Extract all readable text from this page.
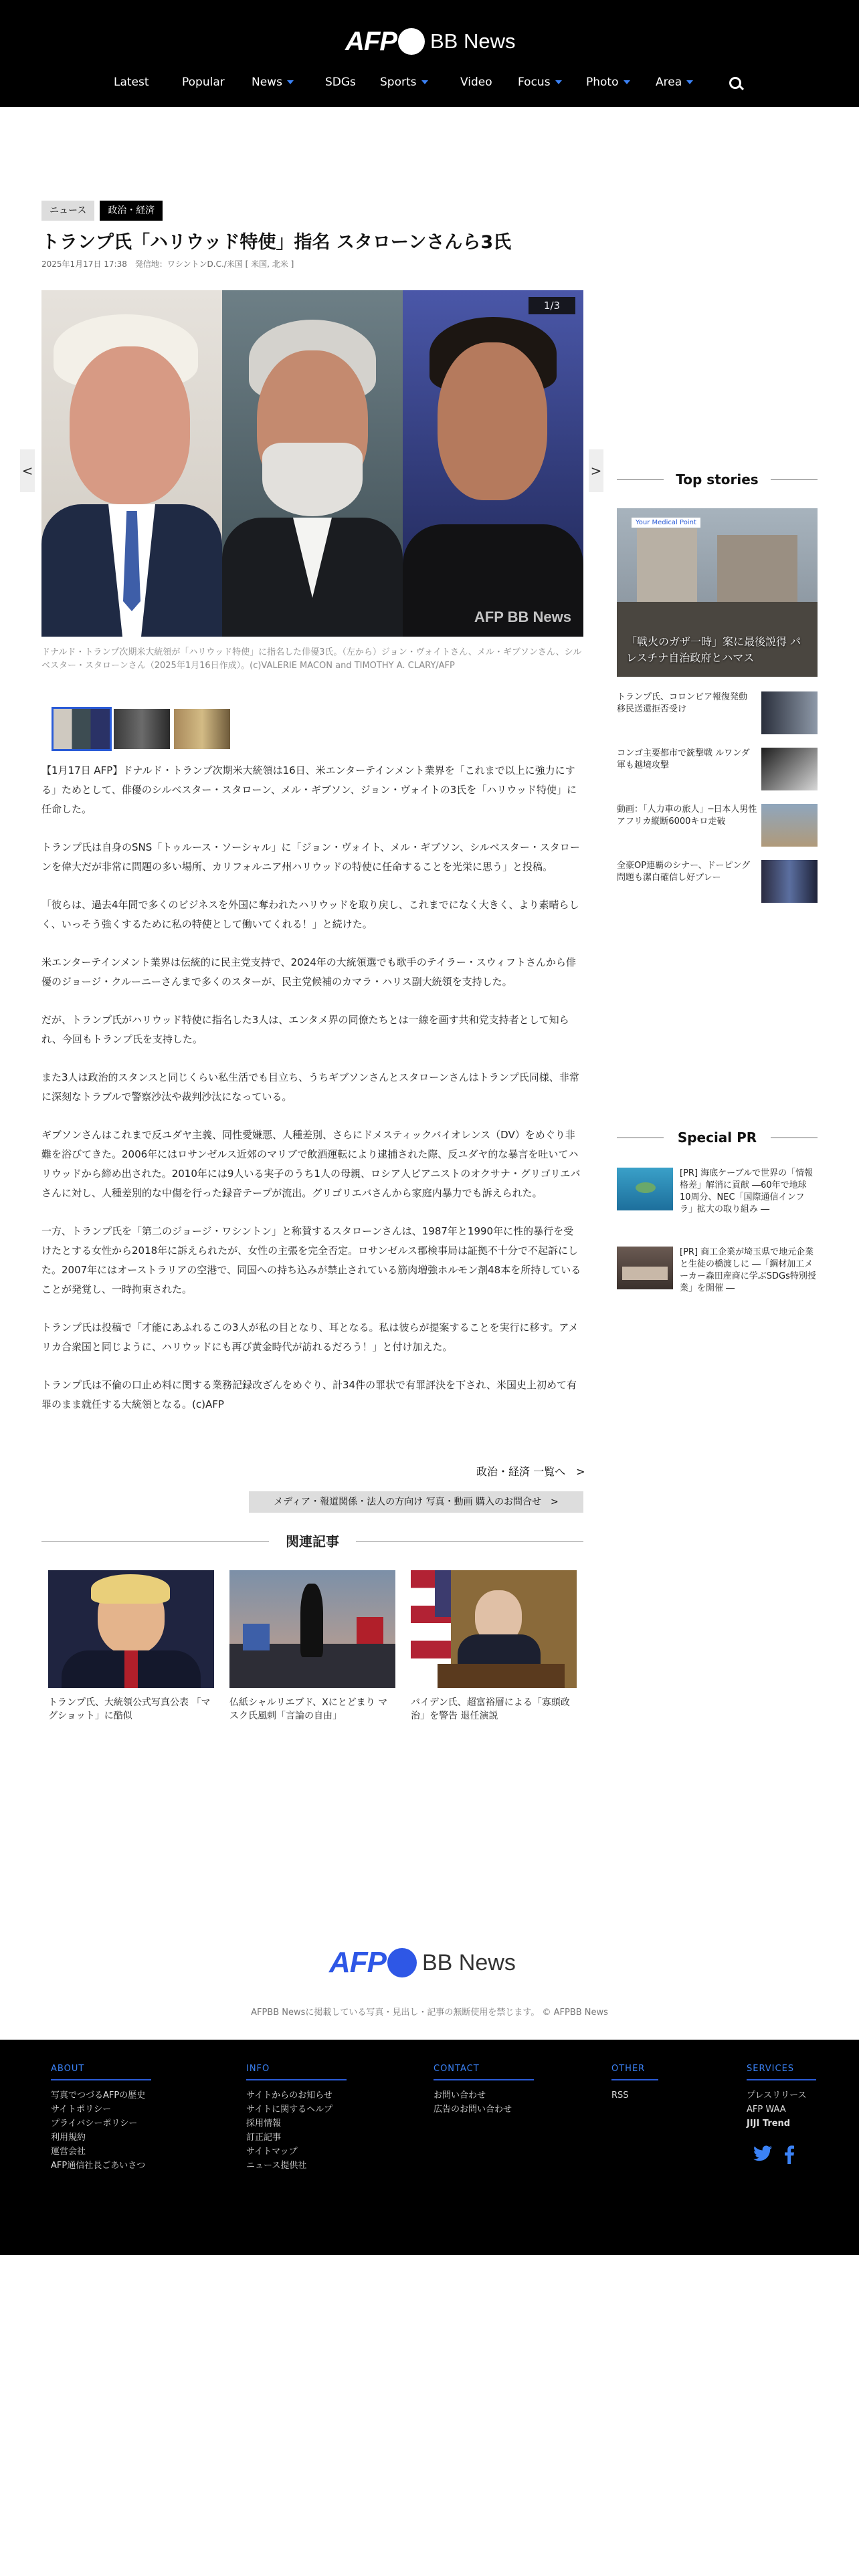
AFP BB News
Latest	Popular News	SDGs Sports	Video Focus	Photo	Area
ニュース	政治・経済
トランプ氏「ハリウッド特使」指名 スタローンさんら3氏
2025年1月17日 17:38　発信地：ワシントンD.C./米国 [ 米国, 北米 ]
<	>
1/3
AFP BB News
ドナルド・トランプ次期米大統領が「ハリウッド特使」に指名した俳優3氏。（左から）ジョン・ヴォイトさん、メル・ギブソンさん、シルベスター・スタローンさん（2025年1月16日作成）。(c)VALERIE MACON and TIMOTHY A. CLARY/AFP

【1月17日 AFP】ドナルド・トランプ次期米大統領は16日、米エンターテインメント業界を「これまで以上に強力にする」ためとして、俳優のシルベスター・スタローン、メル・ギブソン、ジョン・ヴォイトの3氏を「ハリウッド特使」に任命した。

トランプ氏は自身のSNS「トゥルース・ソーシャル」に「ジョン・ヴォイト、メル・ギブソン、シルベスター・スタローンを偉大だが非常に問題の多い場所、カリフォルニア州ハリウッドの特使に任命することを光栄に思う」と投稿。

「彼らは、過去4年間で多くのビジネスを外国に奪われたハリウッドを取り戻し、これまでになく大きく、より素晴らしく、いっそう強くするために私の特使として働いてくれる！」と続けた。

米エンターテインメント業界は伝統的に民主党支持で、2024年の大統領選でも歌手のテイラー・スウィフトさんから俳優のジョージ・クルーニーさんまで多くのスターが、民主党候補のカマラ・ハリス副大統領を支持した。

だが、トランプ氏がハリウッド特使に指名した3人は、エンタメ界の同僚たちとは一線を画す共和党支持者として知られ、今回もトランプ氏を支持した。

また3人は政治的スタンスと同じくらい私生活でも目立ち、うちギブソンさんとスタローンさんはトランプ氏同様、非常に深刻なトラブルで警察沙汰や裁判沙汰になっている。

ギブソンさんはこれまで反ユダヤ主義、同性愛嫌悪、人種差別、さらにドメスティックバイオレンス（DV）をめぐり非難を浴びてきた。2006年にはロサンゼルス近郊のマリブで飲酒運転により逮捕された際、反ユダヤ的な暴言を吐いてハリウッドから締め出された。2010年には9人いる実子のうち1人の母親、ロシア人ピアニストのオクサナ・グリゴリエバさんに対し、人種差別的な中傷を行った録音テープが流出。グリゴリエバさんから家庭内暴力でも訴えられた。

一方、トランプ氏を「第二のジョージ・ワシントン」と称賛するスタローンさんは、1987年と1990年に性的暴行を受けたとする女性から2018年に訴えられたが、女性の主張を完全否定。ロサンゼルス郡検事局は証拠不十分で不起訴にした。2007年にはオーストラリアの空港で、同国への持ち込みが禁止されている筋肉増強ホルモン剤48本を所持していることが発覚し、一時拘束された。

トランプ氏は投稿で「才能にあふれるこの3人が私の目となり、耳となる。私は彼らが提案することを実行に移す。アメリカ合衆国と同じように、ハリウッドにも再び黄金時代が訪れるだろう！」と付け加えた。

トランプ氏は不倫の口止め料に関する業務記録改ざんをめぐり、計34件の罪状で有罪評決を下され、米国史上初めて有罪のまま就任する大統領となる。(c)AFP

政治・経済 一覧へ　>
メディア・報道関係・法人の方向け 写真・動画 購入のお問合せ　>
関連記事
トランプ氏、大統領公式写真公表 「マグショット」に酷似
仏紙シャルリエブド、Xにとどまり マスク氏風刺「言論の自由」
バイデン氏、超富裕層による「寡頭政治」を警告 退任演説
Top stories
Your Medical Point
「戦火のガザ一時」案に最後説得 パレスチナ自治政府とハマス
トランプ氏、コロンビア報復発動 移民送還拒否受け
コンゴ主要都市で銃撃戦 ルワンダ軍も越境攻撃
動画：「人力車の旅人」─日本人男性 アフリカ縦断6000キロ走破
全豪OP連覇のシナー、ドーピング問題も潔白確信し好プレー
Special PR
[PR] 海底ケーブルで世界の「情報格差」解消に貢献 ―60年で地球10周分、NEC「国際通信インフラ」拡大の取り組み ―
[PR] 商工企業が埼玉県で地元企業と生徒の橋渡しに ―「鋼材加工メーカー森田産商に学ぶSDGs特別授業」を開催 ―
AFP BB News
AFPBB Newsに掲載している写真・見出し・記事の無断使用を禁じます。 © AFPBB News
ABOUT
写真でつづるAFPの歴史
サイトポリシー
プライバシーポリシー
利用規約
運営会社
AFP通信社長ごあいさつ
INFO
サイトからのお知らせ
サイトに関するヘルプ
採用情報
訂正記事
サイトマップ
ニュース提供社
CONTACT
お問い合わせ
広告のお問い合わせ
OTHER
RSS
SERVICES
プレスリリース
AFP WAA
JIJI Trend
